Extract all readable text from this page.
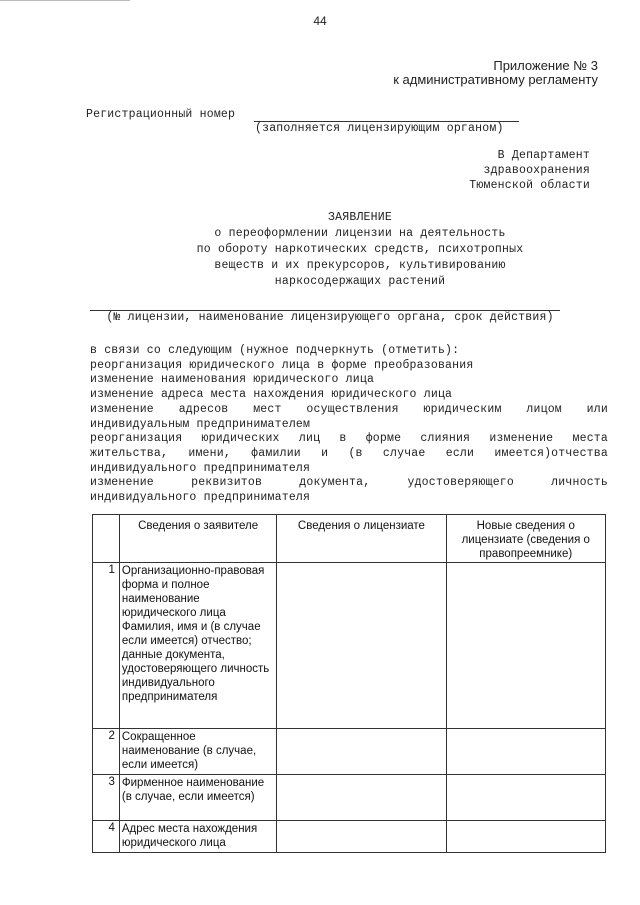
44
Приложение № 3
к административному регламенту
Регистрационный номер
(заполняется лицензирующим органом)
В Департамент
здравоохранения
Тюменской области
ЗАЯВЛЕНИЕ
о переоформлении лицензии на деятельность
по обороту наркотических средств, психотропных
веществ и их прекурсоров, культивированию
наркосодержащих растений
(№ лицензии, наименование лицензирующего органа, срок действия)
в связи со следующим (нужное подчеркнуть (отметить):
реорганизация юридического лица в форме преобразования
изменение наименования юридического лица
изменение адреса места нахождения юридического лица
изменение адресов мест осуществления юридическим лицом или
индивидуальным предпринимателем
реорганизация юридических лиц в форме слияния изменение места
жительства, имени, фамилии и (в случае если имеется)отчества
индивидуального предпринимателя
изменение реквизитов документа, удостоверяющего личность
индивидуального предпринимателя
	Сведения о заявителе	Сведения о лицензиате	Новые сведения о лицензиате (сведения о правопреемнике)
1	Организационно-правовая форма и полное наименование юридического лица Фамилия, имя и (в случае если имеется) отчество; данные документа, удостоверяющего личность индивидуального предпринимателя		
2	Сокращенное наименование (в случае, если имеется)		
3	Фирменное наименование (в случае, если имеется)		
4	Адрес места нахождения юридического лица		
